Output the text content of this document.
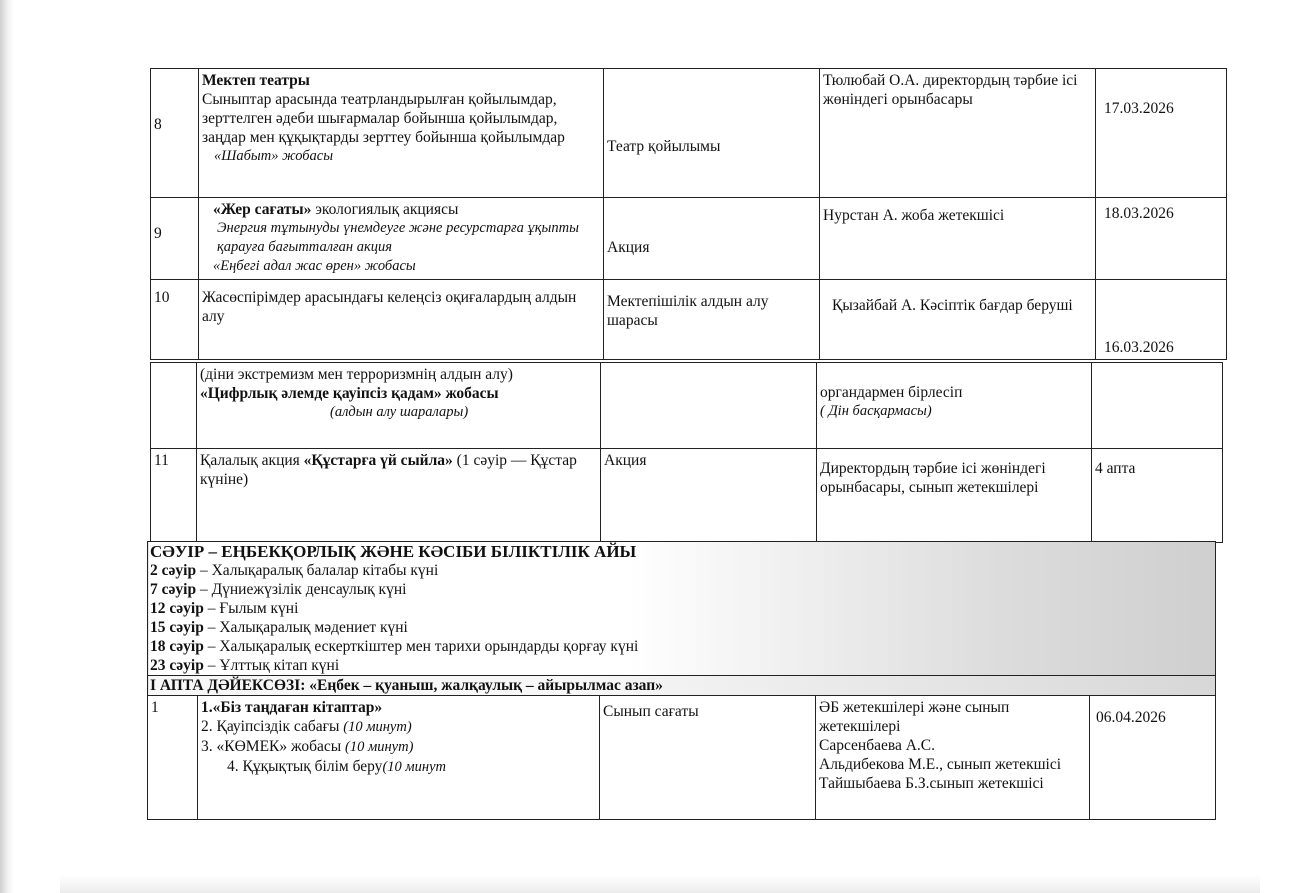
8	Мектеп театры
Сыныптар арасында театрландырылған қойылымдар, зерттелген әдеби шығармалар бойынша қойылымдар, заңдар мен құқықтарды зерттеу бойынша қойылымдар
«Шабыт» жобасы	Театр қойылымы	Тюлюбай О.А. директордың тәрбие ісі жөніндегі орынбасары	17.03.2026
9	«Жер сағаты» экологиялық акциясы
Энергия тұтынуды үнемдеуге және ресурстарға ұқыпты қарауға бағытталған акция
«Еңбегі адал жас өрен» жобасы	Акция	Нурстан А. жоба жетекшісі	18.03.2026
10	Жасөспірімдер арасындағы келеңсіз оқиғалардың алдын алу	Мектепішілік алдын алу шарасы	Қызайбай А. Кәсіптік бағдар беруші	16.03.2026

	(діни экстремизм мен терроризмнің алдын алу)
«Цифрлық әлемде қауіпсіз қадам» жобасы
(алдын алу шаралары)		органдармен бірлесіп
( Дін басқармасы)	

11	Қалалық акция «Құстарға үй сыйла» (1 сәуір — Құстар күніне)	Акция	Директордың тәрбие ісі жөніндегі орынбасары, сынып жетекшілері	4 апта
СӘУІР – ЕҢБЕКҚОРЛЫҚ ЖӘНЕ КӘСІБИ БІЛІКТІЛІК АЙЫ
2 сәуір – Халықаралық балалар кітабы күні
7 сәуір – Дүниежүзілік денсаулық күні
12 сәуір – Ғылым күні
15 сәуір – Халықаралық мәдениет күні
18 сәуір – Халықаралық ескерткіштер мен тарихи орындарды қорғау күні
23 сәуір – Ұлттық кітап күні

І АПТА ДӘЙЕКСӨЗІ: «Еңбек – қуаныш, жалқаулық – айырылмас азап»
1	1.«Біз таңдаған кітаптар»
2. Қауіпсіздік сабағы (10 минут)
3. «КӨМЕК» жобасы (10 минут)
4. Құқықтық білім беру(10 минут
	Сынып сағаты	ӘБ жетекшілері және сынып жетекшілері
Сарсенбаева А.С.
Альдибекова М.Е., сынып жетекшісі
Тайшыбаева Б.З.сынып жетекшісі
	06.04.2026
